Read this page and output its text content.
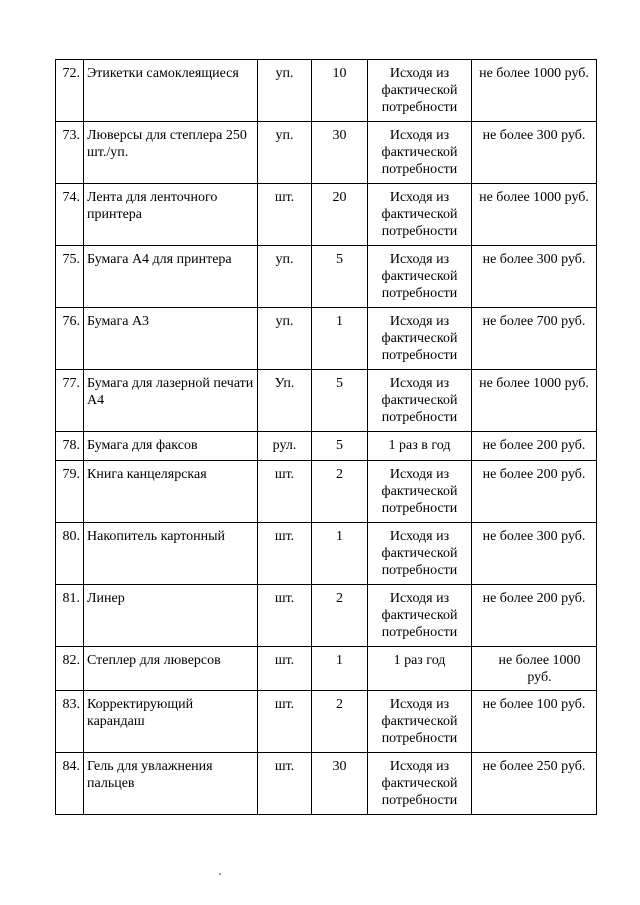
72.	Этикетки самоклеящиеся	уп.	10	Исходя из фактической потребности	не более 1000 руб.
73.	Люверсы для степлера 250 шт./уп.	уп.	30	Исходя из фактической потребности	не более 300 руб.
74.	Лента для ленточного принтера	шт.	20	Исходя из фактической потребности	не более 1000 руб.
75.	Бумага А4 для принтера	уп.	5	Исходя из фактической потребности	не более 300 руб.
76.	Бумага А3	уп.	1	Исходя из фактической потребности	не более 700 руб.
77.	Бумага для лазерной печати А4	Уп.	5	Исходя из фактической потребности	не более 1000 руб.
78.	Бумага для факсов	рул.	5	1 раз в год	не более 200 руб.
79.	Книга канцелярская	шт.	2	Исходя из фактической потребности	не более 200 руб.
80.	Накопитель картонный	шт.	1	Исходя из фактической потребности	не более 300 руб.
81.	Линер	шт.	2	Исходя из фактической потребности	не более 200 руб.
82.	Степлер для люверсов	шт.	1	1 раз год	не более 1000 руб.
83.	Корректирующий карандаш	шт.	2	Исходя из фактической потребности	не более 100 руб.
84.	Гель для увлажнения пальцев	шт.	30	Исходя из фактической потребности	не более 250 руб.
